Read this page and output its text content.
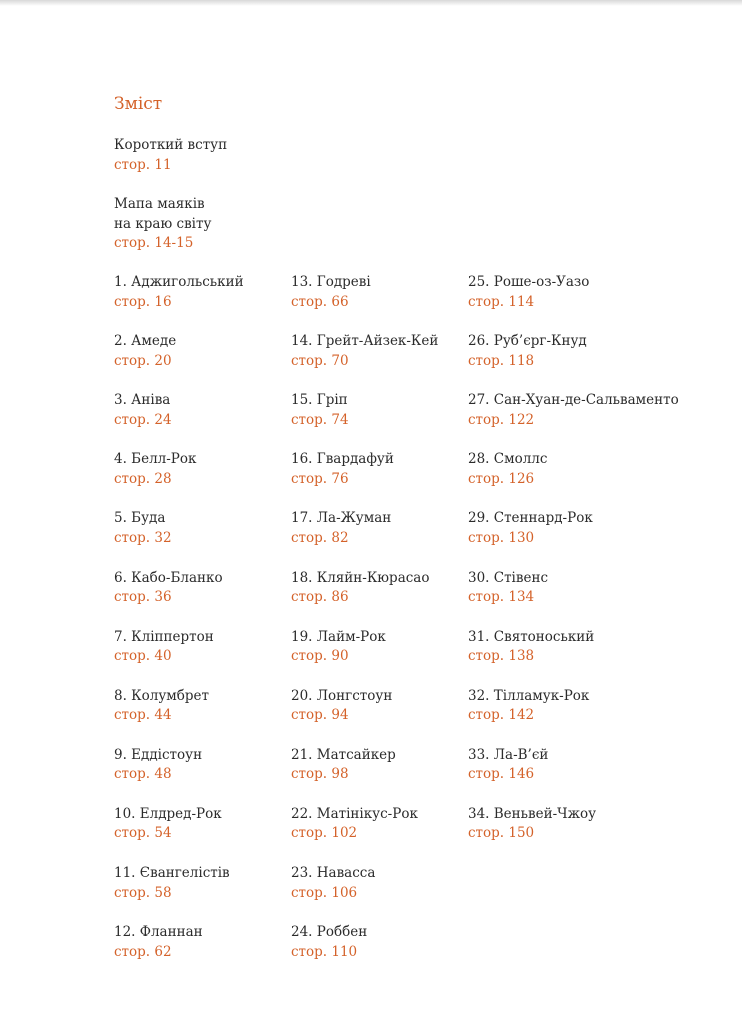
Зміст
Короткий вступ
стор. 11
Мапа маяків
на краю світу
стор. 14-15
1. Аджигольський
стор. 16
2. Амеде
стор. 20
3. Аніва
стор. 24
4. Белл-Рок
стор. 28
5. Буда
стор. 32
6. Кабо-Бланко
стор. 36
7. Кліппертон
стор. 40
8. Колумбрет
стор. 44
9. Еддістоун
стор. 48
10. Елдред-Рок
стор. 54
11. Євангелістів
стор. 58
12. Фланнан
стор. 62
13. Годреві
стор. 66
14. Грейт-Айзек-Кей
стор. 70
15. Гріп
стор. 74
16. Гвардафуй
стор. 76
17. Ла-Жуман
стор. 82
18. Кляйн-Кюрасао
стор. 86
19. Лайм-Рок
стор. 90
20. Лонгстоун
стор. 94
21. Матсайкер
стор. 98
22. Матінікус-Рок
стор. 102
23. Навасса
стор. 106
24. Роббен
стор. 110
25. Роше-оз-Уазо
стор. 114
26. Руб’єрг-Кнуд
стор. 118
27. Сан-Хуан-де-Сальваменто
стор. 122
28. Смоллс
стор. 126
29. Стеннард-Рок
стор. 130
30. Стівенс
стор. 134
31. Святоноський
стор. 138
32. Тілламук-Рок
стор. 142
33. Ла-В’єй
стор. 146
34. Веньвей-Чжоу
стор. 150
